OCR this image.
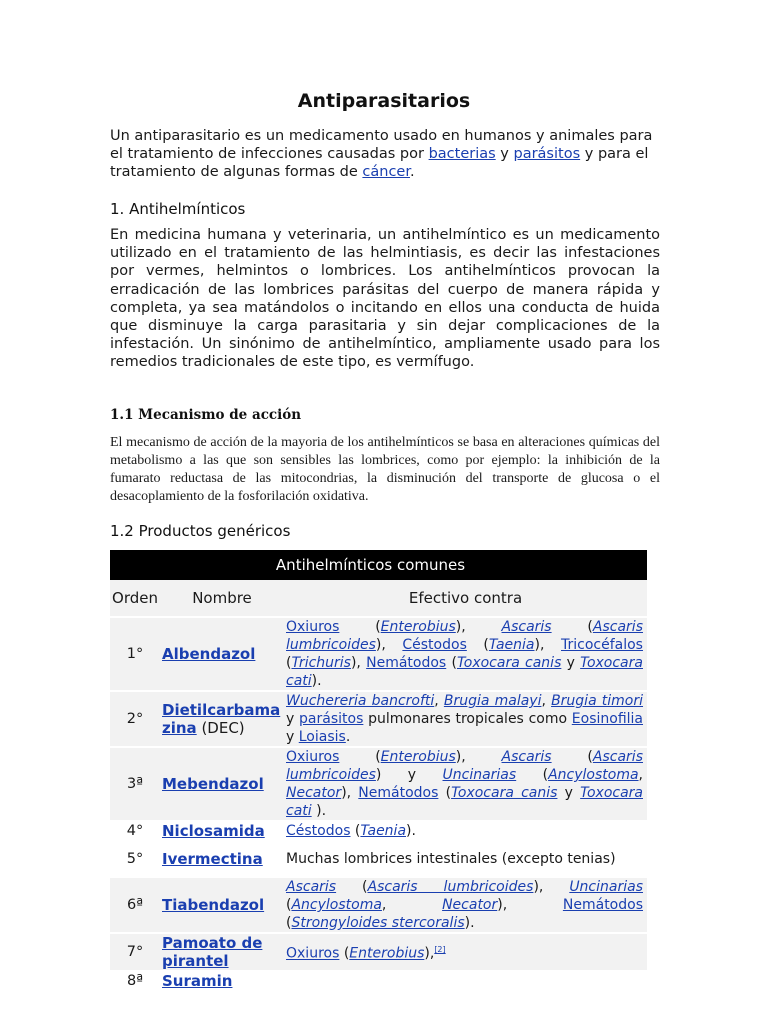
Antiparasitarios

Un antiparasitario es un medicamento usado en humanos y animales para el tratamiento de infecciones causadas por bacterias y parásitos y para el tratamiento de algunas formas de cáncer.

1. Antihelmínticos

En medicina humana y veterinaria, un antihelmíntico es un medicamento utilizado en el tratamiento de las helmintiasis, es decir las infestaciones por vermes, helmintos o lombrices. Los antihelmínticos provocan la erradicación de las lombrices parásitas del cuerpo de manera rápida y completa, ya sea matándolos o incitando en ellos una conducta de huida que disminuye la carga parasitaria y sin dejar complicaciones de la infestación. Un sinónimo de antihelmíntico, ampliamente usado para los remedios tradicionales de este tipo, es vermífugo.

1.1 Mecanismo de acción

El mecanismo de acción de la mayoria de los antihelmínticos se basa en alteraciones químicas del metabolismo a las que son sensibles las lombrices, como por ejemplo: la inhibición de la fumarato reductasa de las mitocondrias, la disminución del transporte de glucosa o el desacoplamiento de la fosforilación oxidativa.

1.2 Productos genéricos
Antihelmínticos comunes		
Orden	Nombre	Efectivo contra
1°	Albendazol	Oxiuros (Enterobius), Ascaris (Ascaris lumbricoides), Céstodos (Taenia), Tricocéfalos (Trichuris), Nemátodos (Toxocara canis y Toxocara cati).
2°	Dietilcarbamazina (DEC)	Wuchereria bancrofti, Brugia malayi, Brugia timori y parásitos pulmonares tropicales como Eosinofilia y Loiasis.
3ª	Mebendazol	Oxiuros (Enterobius), Ascaris (Ascaris lumbricoides) y Uncinarias (Ancylostoma, Necator), Nemátodos (Toxocara canis y Toxocara cati ).
4°	Niclosamida	Céstodos (Taenia).
5°	Ivermectina	Muchas lombrices intestinales (excepto tenias)
6ª	Tiabendazol	Ascaris (Ascaris lumbricoides), Uncinarias (Ancylostoma, Necator), Nemátodos (Strongyloides stercoralis).
7°	Pamoato de pirantel	Oxiuros (Enterobius),[2]
8ª	Suramin	
